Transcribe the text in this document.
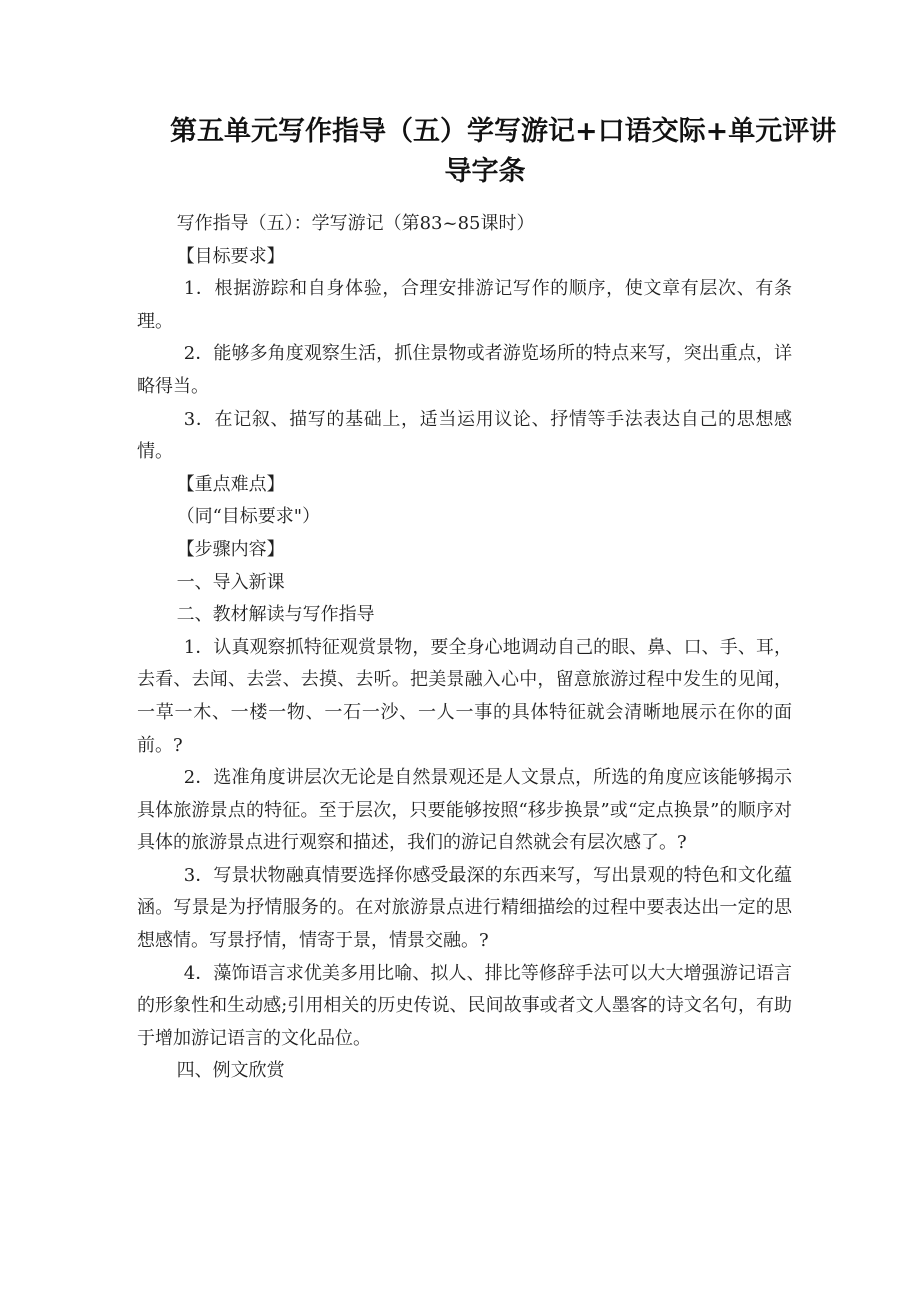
第五单元写作指导（五）学写游记+口语交际+单元评讲
导字条

写作指导（五）：学写游记（第83~85课时）

【目标要求】

1．根据游踪和自身体验，合理安排游记写作的顺序，使文章有层次、有条理。

2．能够多角度观察生活，抓住景物或者游览场所的特点来写，突出重点，详略得当。

3．在记叙、描写的基础上，适当运用议论、抒情等手法表达自己的思想感情。

【重点难点】

（同“目标要求"）

【步骤内容】

一、导入新课

二、教材解读与写作指导

1．认真观察抓特征观赏景物，要全身心地调动自己的眼、鼻、口、手、耳，去看、去闻、去尝、去摸、去听。把美景融入心中，留意旅游过程中发生的见闻，一草一木、一楼一物、一石一沙、一人一事的具体特征就会清晰地展示在你的面前。?

2．选准角度讲层次无论是自然景观还是人文景点，所选的角度应该能够揭示具体旅游景点的特征。至于层次，只要能够按照“移步换景”或“定点换景”的顺序对具体的旅游景点进行观察和描述，我们的游记自然就会有层次感了。?

3．写景状物融真情要选择你感受最深的东西来写，写出景观的特色和文化蕴涵。写景是为抒情服务的。在对旅游景点进行精细描绘的过程中要表达出一定的思想感情。写景抒情，情寄于景，情景交融。?

4．藻饰语言求优美多用比喻、拟人、排比等修辞手法可以大大增强游记语言的形象性和生动感;引用相关的历史传说、民间故事或者文人墨客的诗文名句，有助于增加游记语言的文化品位。

四、例文欣赏
